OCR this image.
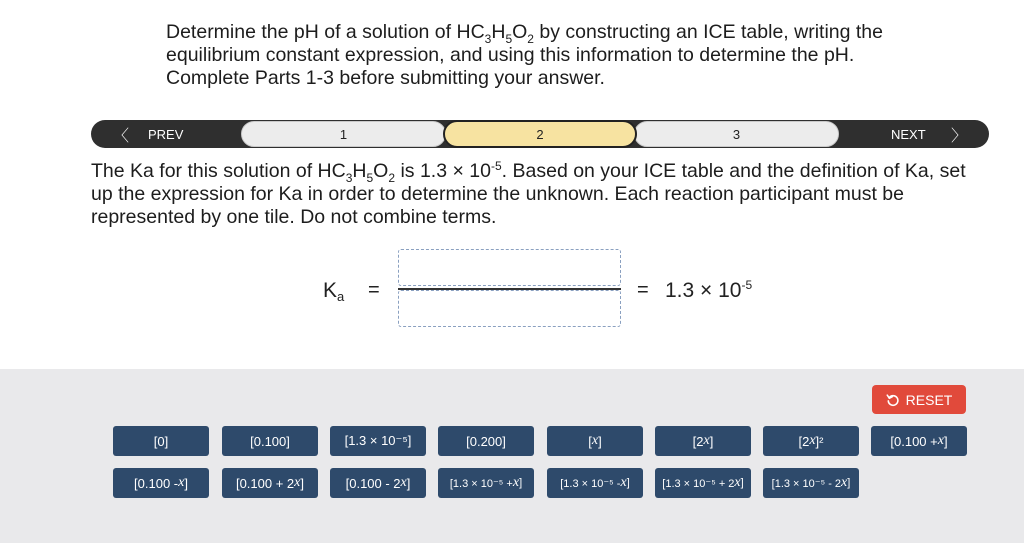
Determine the pH of a solution of $HC_3H_5O_2$ by constructing an ICE table, writing the equilibrium constant expression, and using this information to determine the pH. Complete Parts 1-3 before submitting your answer.
〈 PREV	1	3
2	NEXT 〉
The Ka for this solution of $HC_3H_5O_2$ is $1.3 \times 10^{-5}$. Based on your ICE table and the definition of Ka, set up the expression for Ka in order to determine the unknown. Each reaction participant must be represented by one tile. Do not combine terms.
$K_a$ =	= $1.3 \times 10^{-5}$
RESET
[0]	[0.100]	[1.3 × 10⁻⁵]	[0.200]	[ x ]	[2 x ]	[2 x ]²	[0.100 + x ]
[0.100 - x ]	[0.100 + 2 x ]	[0.100 - 2 x ]	[1.3 × 10⁻⁵ + x ]	[1.3 × 10⁻⁵ - x ]	[1.3 × 10⁻⁵ + 2 x ]	[1.3 × 10⁻⁵ - 2 x ]
